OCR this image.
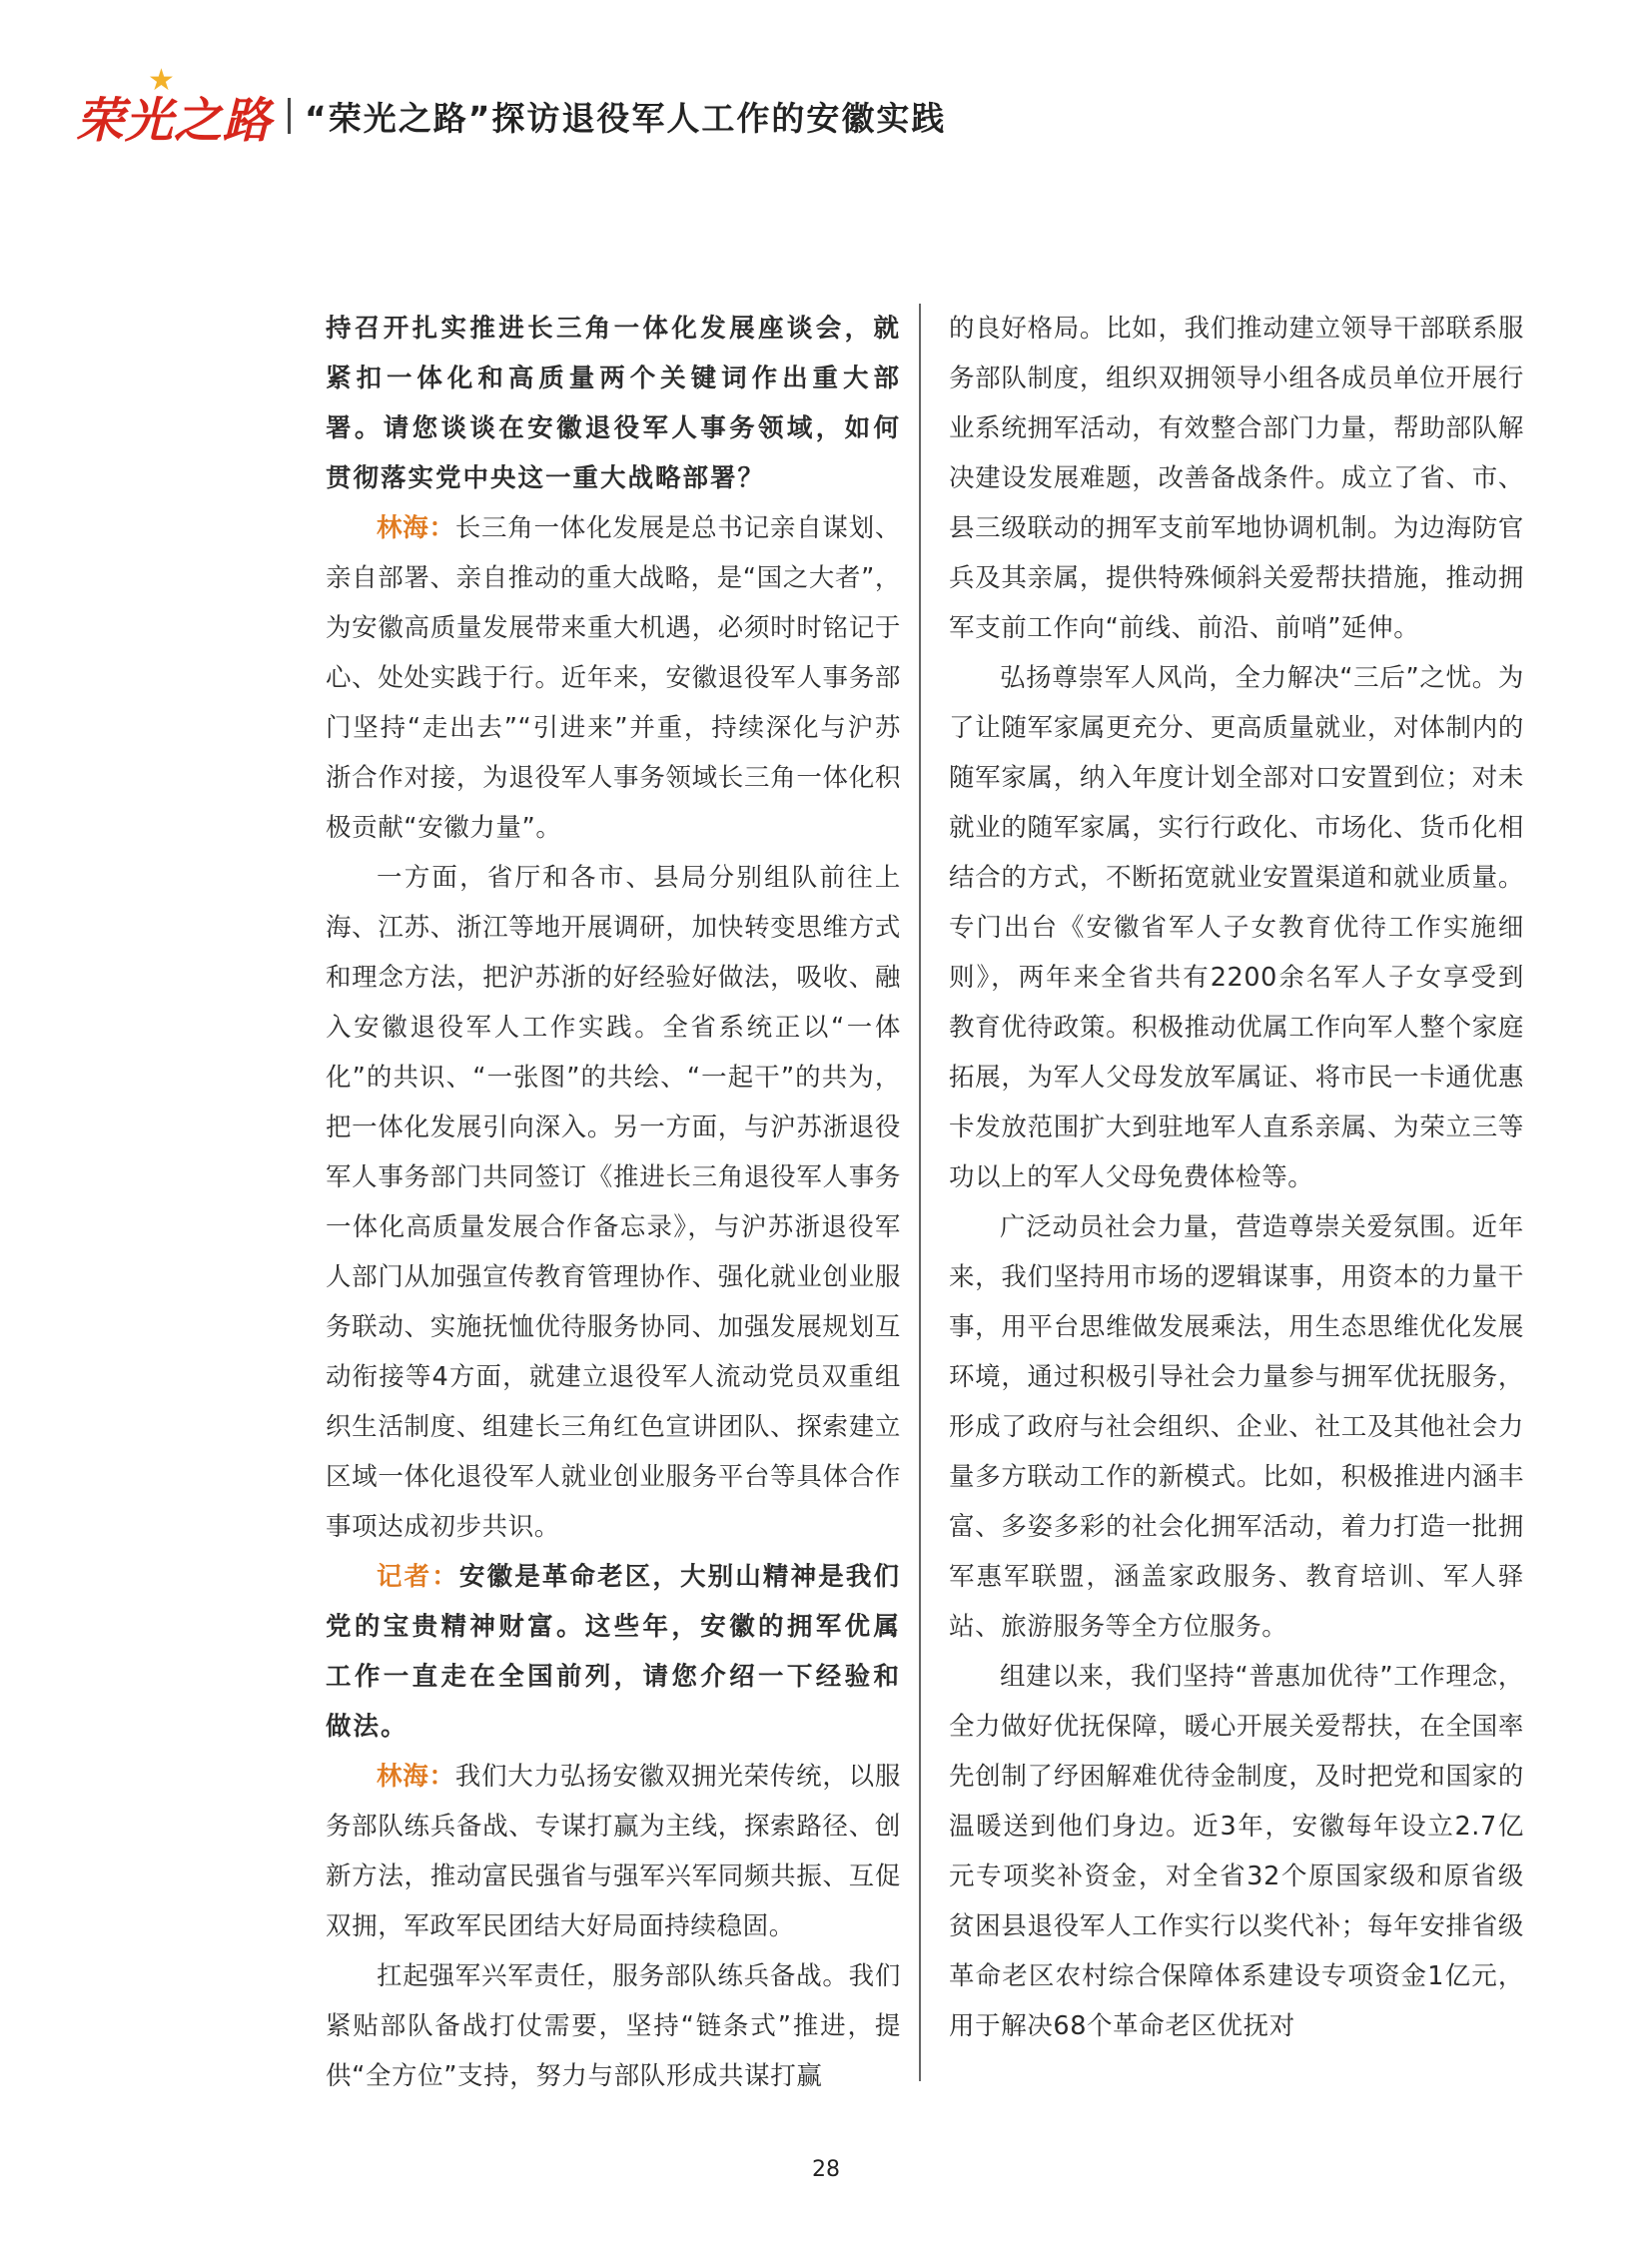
荣光之路
★
“荣光之路”探访退役军人工作的安徽实践

持召开扎实推进长三角一体化发展座谈会，就紧扣一体化和高质量两个关键词作出重大部署。请您谈谈在安徽退役军人事务领域，如何贯彻落实党中央这一重大战略部署？

林海：长三角一体化发展是总书记亲自谋划、亲自部署、亲自推动的重大战略，是“国之大者”，为安徽高质量发展带来重大机遇，必须时时铭记于心、处处实践于行。近年来，安徽退役军人事务部门坚持“走出去”“引进来”并重，持续深化与沪苏浙合作对接，为退役军人事务领域长三角一体化积极贡献“安徽力量”。

一方面，省厅和各市、县局分别组队前往上海、江苏、浙江等地开展调研，加快转变思维方式和理念方法，把沪苏浙的好经验好做法，吸收、融入安徽退役军人工作实践。全省系统正以“一体化”的共识、“一张图”的共绘、“一起干”的共为，把一体化发展引向深入。另一方面，与沪苏浙退役军人事务部门共同签订《推进长三角退役军人事务一体化高质量发展合作备忘录》，与沪苏浙退役军人部门从加强宣传教育管理协作、强化就业创业服务联动、实施抚恤优待服务协同、加强发展规划互动衔接等4方面，就建立退役军人流动党员双重组织生活制度、组建长三角红色宣讲团队、探索建立区域一体化退役军人就业创业服务平台等具体合作事项达成初步共识。

记者：安徽是革命老区，大别山精神是我们党的宝贵精神财富。这些年，安徽的拥军优属工作一直走在全国前列，请您介绍一下经验和做法。

林海：我们大力弘扬安徽双拥光荣传统，以服务部队练兵备战、专谋打赢为主线，探索路径、创新方法，推动富民强省与强军兴军同频共振、互促双拥，军政军民团结大好局面持续稳固。

扛起强军兴军责任，服务部队练兵备战。我们紧贴部队备战打仗需要，坚持“链条式”推进，提供“全方位”支持，努力与部队形成共谋打赢

的良好格局。比如，我们推动建立领导干部联系服务部队制度，组织双拥领导小组各成员单位开展行业系统拥军活动，有效整合部门力量，帮助部队解决建设发展难题，改善备战条件。成立了省、市、县三级联动的拥军支前军地协调机制。为边海防官兵及其亲属，提供特殊倾斜关爱帮扶措施，推动拥军支前工作向“前线、前沿、前哨”延伸。

弘扬尊崇军人风尚，全力解决“三后”之忧。为了让随军家属更充分、更高质量就业，对体制内的随军家属，纳入年度计划全部对口安置到位；对未就业的随军家属，实行行政化、市场化、货币化相结合的方式，不断拓宽就业安置渠道和就业质量。专门出台《安徽省军人子女教育优待工作实施细则》，两年来全省共有2200余名军人子女享受到教育优待政策。积极推动优属工作向军人整个家庭拓展，为军人父母发放军属证、将市民一卡通优惠卡发放范围扩大到驻地军人直系亲属、为荣立三等功以上的军人父母免费体检等。

广泛动员社会力量，营造尊崇关爱氛围。近年来，我们坚持用市场的逻辑谋事，用资本的力量干事，用平台思维做发展乘法，用生态思维优化发展环境，通过积极引导社会力量参与拥军优抚服务，形成了政府与社会组织、企业、社工及其他社会力量多方联动工作的新模式。比如，积极推进内涵丰富、多姿多彩的社会化拥军活动，着力打造一批拥军惠军联盟，涵盖家政服务、教育培训、军人驿站、旅游服务等全方位服务。

组建以来，我们坚持“普惠加优待”工作理念，全力做好优抚保障，暖心开展关爱帮扶，在全国率先创制了纾困解难优待金制度，及时把党和国家的温暖送到他们身边。近3年，安徽每年设立2.7亿元专项奖补资金，对全省32个原国家级和原省级贫困县退役军人工作实行以奖代补；每年安排省级革命老区农村综合保障体系建设专项资金1亿元，用于解决68个革命老区优抚对

28
